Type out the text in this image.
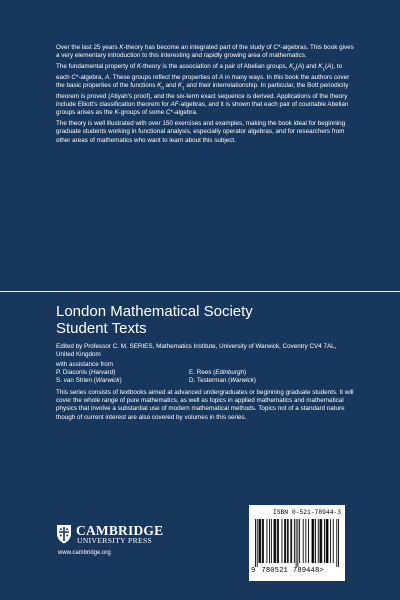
Over the last 25 years K-theory has become an integrated part of the study of C*-algebras. This book gives a very elementary introduction to this interesting and rapidly growing area of mathematics.

The fundamental property of K-theory is the association of a pair of Abelian groups, $K_0(A)$ and $K_1(A)$, to each C*-algebra, A. These groups reflect the properties of A in many ways. In this book the authors cover the basic properties of the functions $K_0$ and $K_1$ and their interrelationship. In particular, the Bott periodicity theorem is proved (Atiyah's proof), and the six-term exact sequence is derived. Applications of the theory include Elliott's classification theorem for AF-algebras, and it is shown that each pair of countable Abelian groups arises as the K-groups of some C*-algebra.

The theory is well illustrated with over 150 exercises and examples, making the book ideal for beginning graduate students working in functional analysis, especially operator algebras, and for researchers from other areas of mathematics who want to learn about this subject.

London Mathematical Society
Student Texts
Edited by Professor C. M. SERIES, Mathematics Institute, University of Warwick, Coventry CV4 7AL, United Kingdom
with assistance from
P. Diaconis (Harvard)	E. Rees (Edinburgh)
S. van Strien (Warwick)	D. Testerman (Warwick)
This series consists of textbooks aimed at advanced undergraduates or beginning graduate students. It will cover the whole range of pure mathematics, as well as topics in applied mathematics and mathematical physics that involve a substantial use of modern mathematical methods. Topics not of a standard nature though of current interest are also covered by volumes in this series.
CAMBRIDGE
UNIVERSITY PRESS
www.cambridge.org
ISBN 0-521-78944-3
9 780521 789448>
